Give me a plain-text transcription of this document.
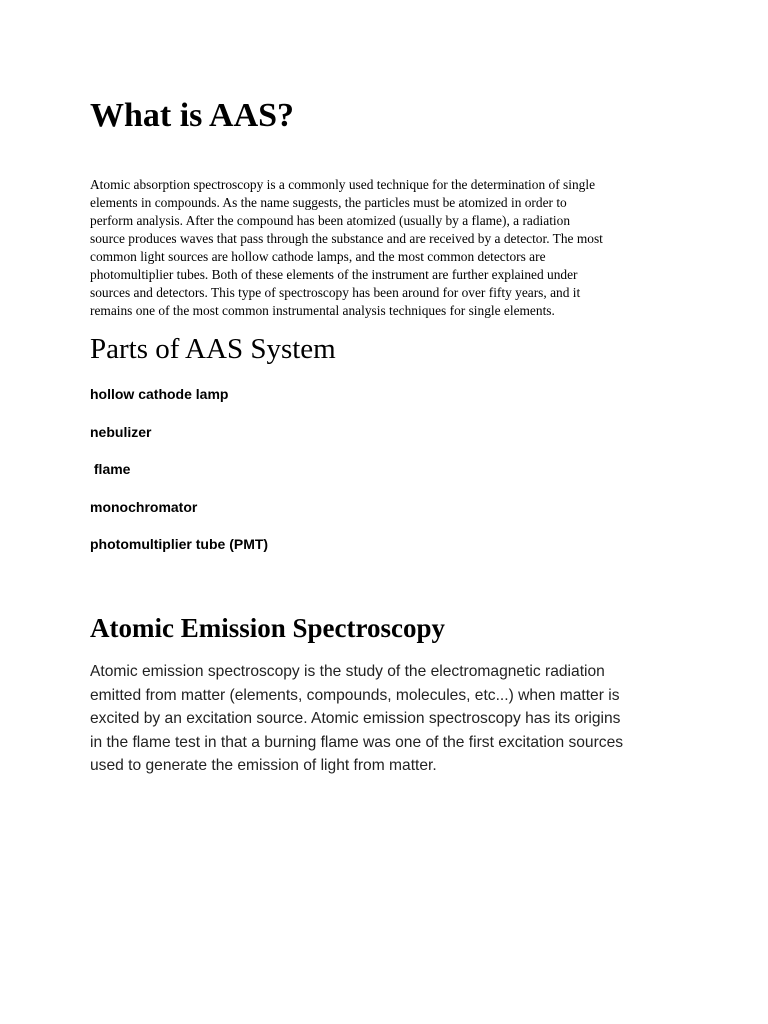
What is AAS?

Atomic absorption spectroscopy is a commonly used technique for the determination of single
elements in compounds. As the name suggests, the particles must be atomized in order to
perform analysis. After the compound has been atomized (usually by a flame), a radiation
source produces waves that pass through the substance and are received by a detector. The most
common light sources are hollow cathode lamps, and the most common detectors are
photomultiplier tubes. Both of these elements of the instrument are further explained under
sources and detectors. This type of spectroscopy has been around for over fifty years, and it
remains one of the most common instrumental analysis techniques for single elements.

Parts of AAS System
hollow cathode lamp
nebulizer
flame
monochromator
photomultiplier tube (PMT)
Atomic Emission Spectroscopy

Atomic emission spectroscopy is the study of the electromagnetic radiation
emitted from matter (elements, compounds, molecules, etc...) when matter is
excited by an excitation source. Atomic emission spectroscopy has its origins
in the flame test in that a burning flame was one of the first excitation sources
used to generate the emission of light from matter.
